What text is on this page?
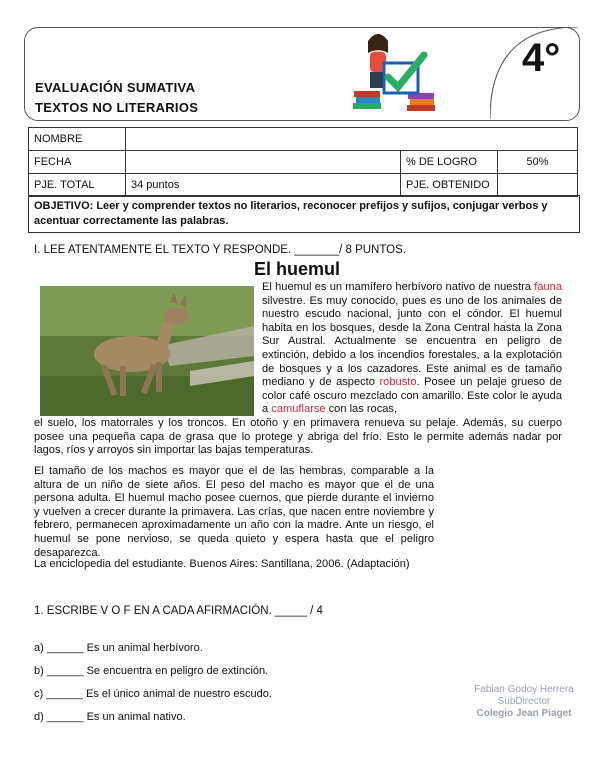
4°
EVALUACIÓN SUMATIVA
TEXTOS NO LITERARIOS
NOMBRE			
FECHA		% DE LOGRO	50%
PJE. TOTAL	34 puntos	PJE. OBTENIDO	
OBJETIVO: Leer y comprender textos no literarios, reconocer prefijos y sufijos, conjugar verbos y acentuar correctamente las palabras.
I. LEE ATENTAMENTE EL TEXTO Y RESPONDE. _______/ 8 PUNTOS.
El huemul
El huemul es un mamífero herbívoro nativo de nuestra fauna silvestre. Es muy conocido, pues es uno de los animales de nuestro escudo nacional, junto con el cóndor. El huemul habita en los bosques, desde la Zona Central hasta la Zona Sur Austral. Actualmente se encuentra en peligro de extinción, debido a los incendios forestales, a la explotación de bosques y a los cazadores. Este animal es de tamaño mediano y de aspecto robusto. Posee un pelaje grueso de color café oscuro mezclado con amarillo. Este color le ayuda a camuflarse con las rocas,
el suelo, los matorrales y los troncos. En otoño y en primavera renueva su pelaje. Además, su cuerpo posee una pequeña capa de grasa que lo protege y abriga del frío. Esto le permite además nadar por lagos, ríos y arroyos sin importar las bajas temperaturas.
El tamaño de los machos es mayor que el de las hembras, comparable a la altura de un niño de siete años. El peso del macho es mayor que el de una persona adulta. El huemul macho posee cuernos, que pierde durante el invierno y vuelven a crecer durante la primavera. Las crías, que nacen entre noviembre y febrero, permanecen aproximadamente un año con la madre. Ante un riesgo, el huemul se pone nervioso, se queda quieto y espera hasta que el peligro desaparezca.
La enciclopedia del estudiante. Buenos Aires: Santillana, 2006. (Adaptación)
1. ESCRIBE V O F EN A CADA AFIRMACIÓN. _____ / 4
a) ______ Es un animal herbívoro.
b) ______ Se encuentra en peligro de extinción.
c) ______ Es el único animal de nuestro escudo.
d) ______ Es un animal nativo.
Fabian Godoy Herrera
SubDirector
Colegio Jean Piaget
